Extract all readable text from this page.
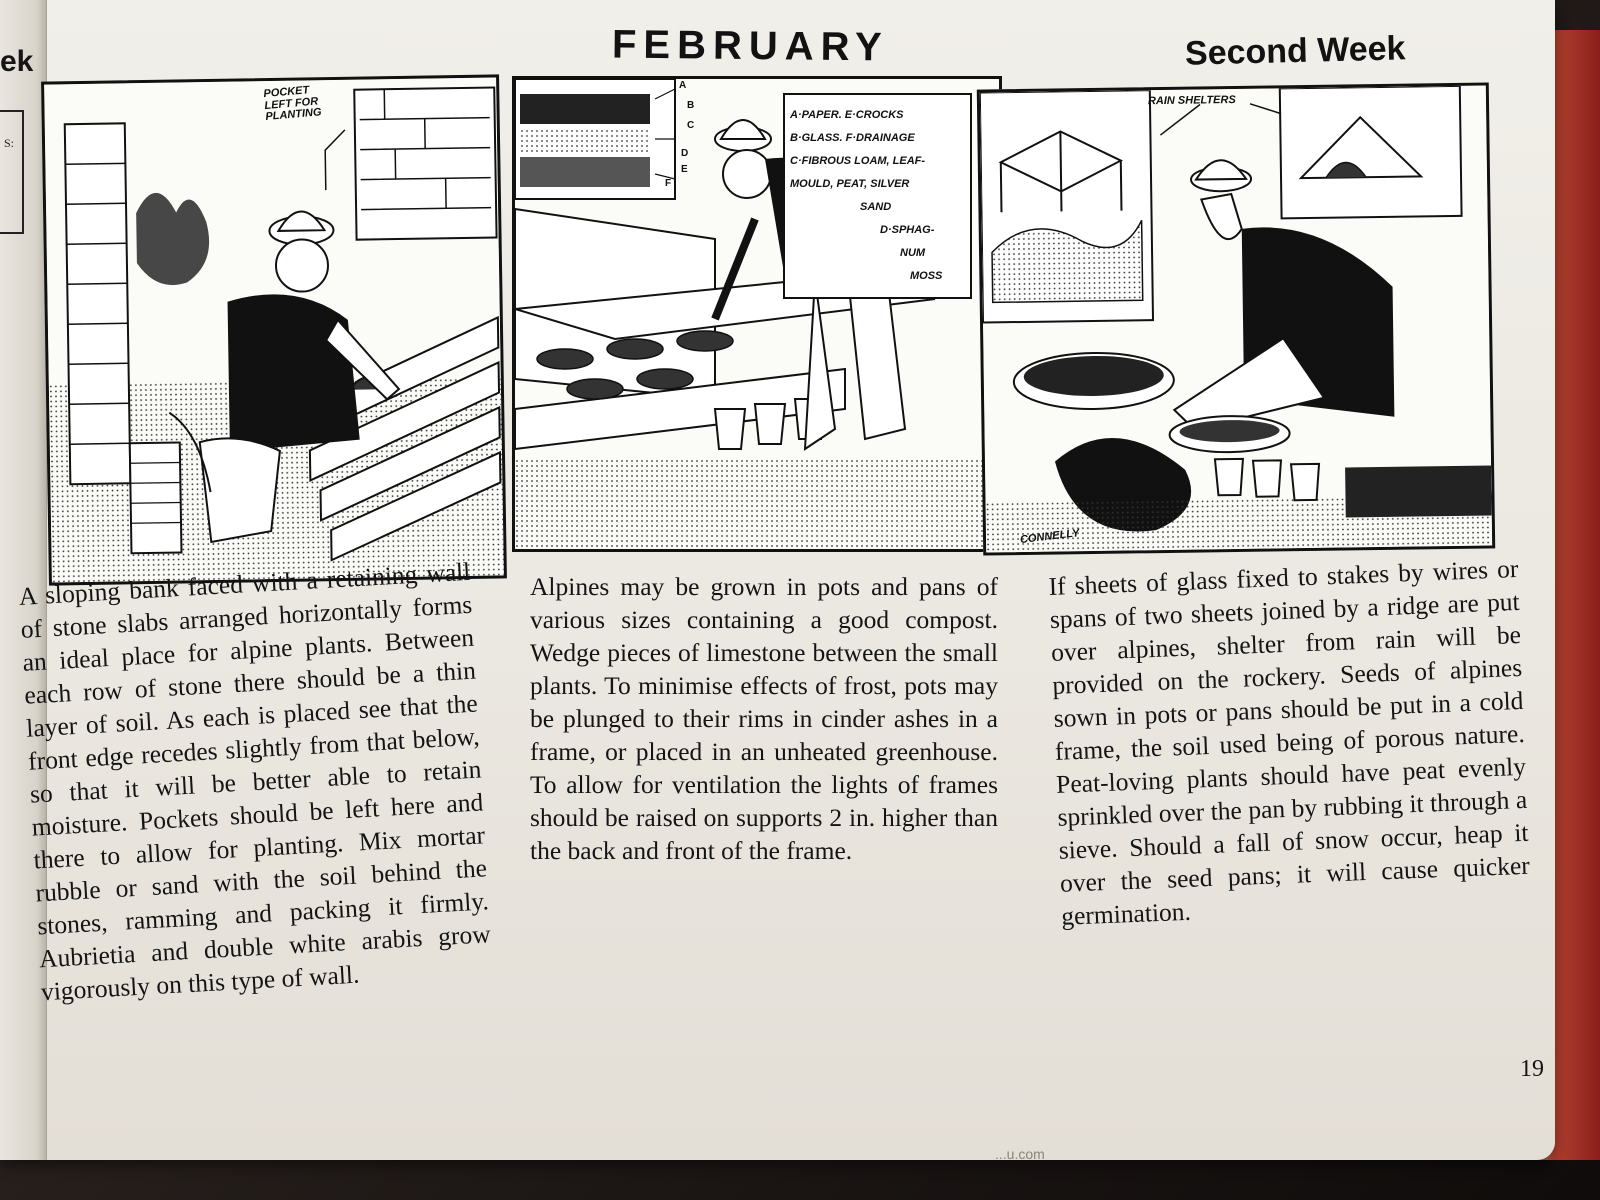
ek
S:
FEBRUARY	Second Week
POCKET
LEFT FOR
PLANTING	A·PAPER. E·CROCKS

B·GLASS. F·DRAINAGE

C·FIBROUS LOAM, LEAF-

MOULD, PEAT, SILVER

SAND

D·SPHAG-

NUM

MOSS

A
B
C
D
E
F
RAIN SHELTERS
CONNELLY
A sloping bank faced with a retaining wall of stone slabs arranged horizontally forms an ideal place for alpine plants. Between each row of stone there should be a thin layer of soil. As each is placed see that the front edge recedes slightly from that below, so that it will be better able to retain moisture. Pockets should be left here and there to allow for planting. Mix mortar rubble or sand with the soil behind the stones, ramming and packing it firmly. Aubrietia and double white arabis grow vigorously on this type of wall.
Alpines may be grown in pots and pans of various sizes containing a good compost. Wedge pieces of limestone between the small plants. To minimise effects of frost, pots may be plunged to their rims in cinder ashes in a frame, or placed in an unheated greenhouse. To allow for ventilation the lights of frames should be raised on supports 2 in. higher than the back and front of the frame.
If sheets of glass fixed to stakes by wires or spans of two sheets joined by a ridge are put over alpines, shelter from rain will be provided on the rockery. Seeds of alpines sown in pots or pans should be put in a cold frame, the soil used being of porous nature. Peat-loving plants should have peat evenly sprinkled over the pan by rubbing it through a sieve. Should a fall of snow occur, heap it over the seed pans; it will cause quicker germination.
19
...u.com
